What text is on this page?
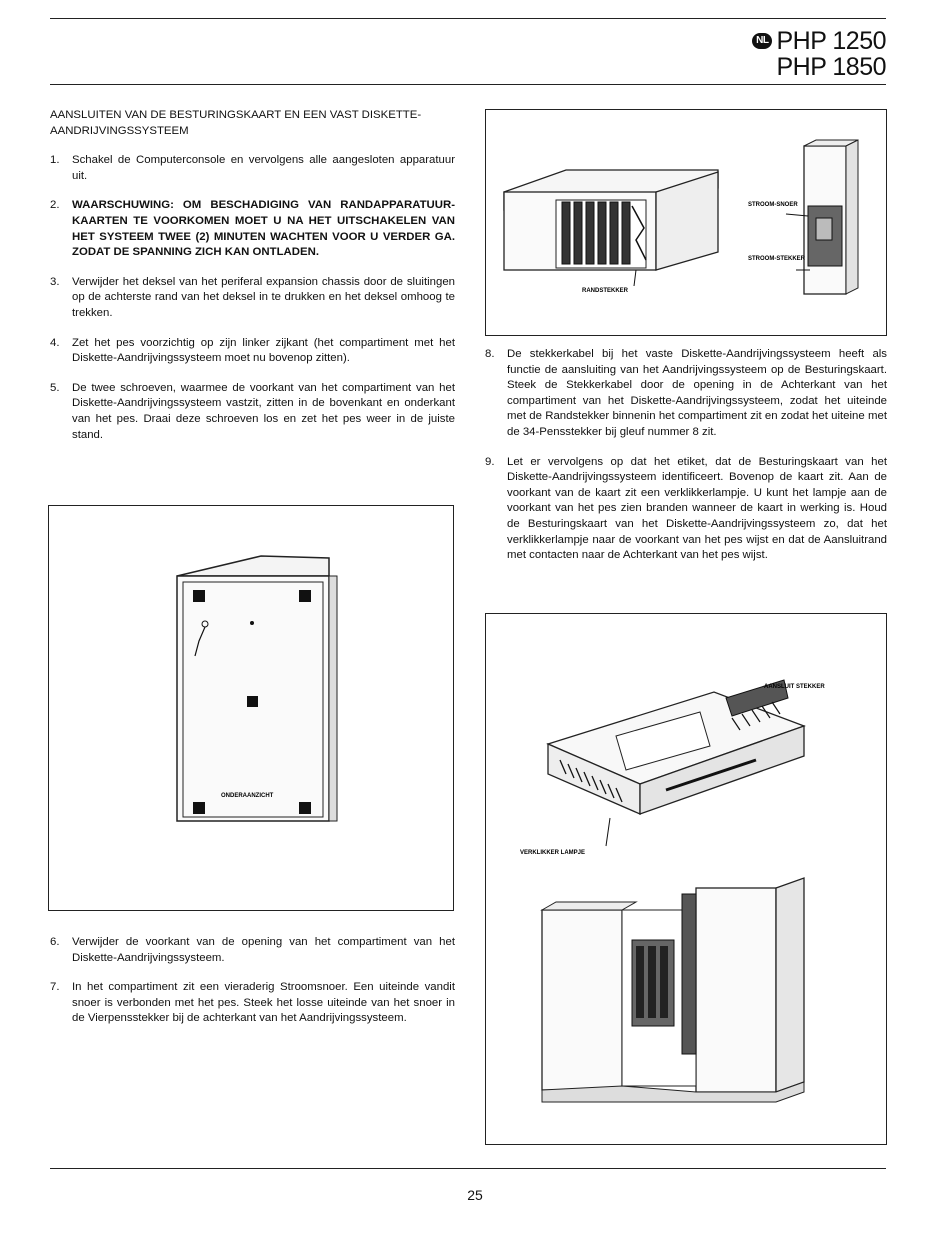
NL PHP 1250
PHP 1850
AANSLUITEN VAN DE BESTURINGSKAART EN EEN VAST DISKETTE-AANDRIJVINGSSYSTEEM
1.	Schakel de Computerconsole en vervolgens alle aangesloten apparatuur uit.
2.	WAARSCHUWING: OM BESCHADIGING VAN RANDAPPARATUUR-KAARTEN TE VOORKOMEN MOET U NA HET UITSCHAKELEN VAN HET SYSTEEM TWEE (2) MINUTEN WACHTEN VOOR U VERDER GA. ZODAT DE SPANNING ZICH KAN ONTLADEN.
3.	Verwijder het deksel van het periferal expansion chassis door de sluitingen op de achterste rand van het deksel in te drukken en het deksel omhoog te trekken.
4.	Zet het pes voorzichtig op zijn linker zijkant (het compartiment met het Diskette-Aandrijvingssysteem moet nu bovenop zitten).
5.	De twee schroeven, waarmee de voorkant van het compartiment van het Diskette-Aandrijvingssysteem vastzit, zitten in de bovenkant en onderkant van het pes. Draai deze schroeven los en zet het pes weer in de juiste stand.
ONDERAANZICHT
6.	Verwijder de voorkant van de opening van het compartiment van het Diskette-Aandrijvingssysteem.
7.	In het compartiment zit een vieraderig Stroomsnoer. Een uiteinde vandit snoer is verbonden met het pes. Steek het losse uiteinde van het snoer in de Vierpensstekker bij de achterkant van het Aandrijvingssysteem.
RANDSTEKKER
STROOM-SNOER
STROOM-STEKKER
8.	De stekkerkabel bij het vaste Diskette-Aandrijvingssysteem heeft als functie de aansluiting van het Aandrijvingssysteem op de Besturingskaart. Steek de Stekkerkabel door de opening in de Achterkant van het compartiment van het Diskette-Aandrijvingssysteem, zodat het uiteinde met de Randstekker binnenin het compartiment zit en zodat het uiteine met de 34-Pensstekker bij gleuf nummer 8 zit.
9.	Let er vervolgens op dat het etiket, dat de Besturingskaart van het Diskette-Aandrijvingssysteem identificeert. Bovenop de kaart zit. Aan de voorkant van de kaart zit een verklikkerlampje. U kunt het lampje aan de voorkant van het pes zien branden wanneer de kaart in werking is. Houd de Besturingskaart van het Diskette-Aandrijvingssysteem zo, dat het verklikkerlampje naar de voorkant van het pes wijst en dat de Aansluitrand met contacten naar de Achterkant van het pes wijst.
AANSLUIT STEKKER
VERKLIKKER LAMPJE
25
